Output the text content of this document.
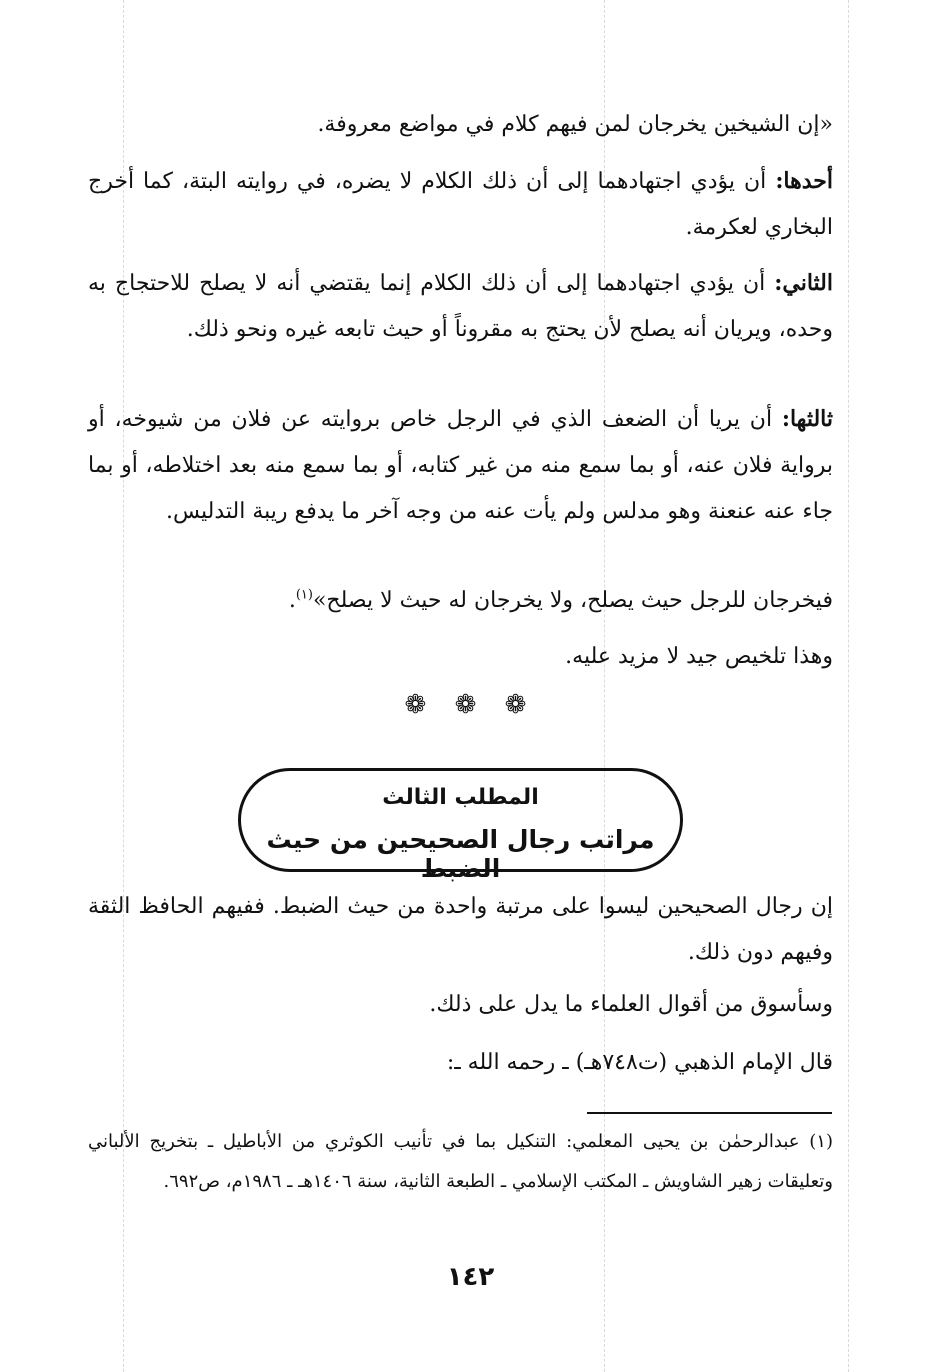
«إن الشيخين يخرجان لمن فيهم كلام في مواضع معروفة.

أحدها: أن يؤدي اجتهادهما إلى أن ذلك الكلام لا يضره، في روايته البتة، كما أخرج البخاري لعكرمة.

الثاني: أن يؤدي اجتهادهما إلى أن ذلك الكلام إنما يقتضي أنه لا يصلح للاحتجاج به وحده، ويريان أنه يصلح لأن يحتج به مقروناً أو حيث تابعه غيره ونحو ذلك.

ثالثها: أن يريا أن الضعف الذي في الرجل خاص بروايته عن فلان من شيوخه، أو برواية فلان عنه، أو بما سمع منه من غير كتابه، أو بما سمع منه بعد اختلاطه، أو بما جاء عنه عنعنة وهو مدلس ولم يأت عنه من وجه آخر ما يدفع ريبة التدليس.

فيخرجان للرجل حيث يصلح، ولا يخرجان له حيث لا يصلح»$^{(١)}$.

وهذا تلخيص جيد لا مزيد عليه.

❁ ❁ ❁
المطلب الثالث
مراتب رجال الصحيحين من حيث الضبط

إن رجال الصحيحين ليسوا على مرتبة واحدة من حيث الضبط. ففيهم الحافظ الثقة وفيهم دون ذلك.

وسأسوق من أقوال العلماء ما يدل على ذلك.

قال الإمام الذهبي (ت٧٤٨هـ) ـ رحمه الله ـ:

(١) عبدالرحمٰن بن يحيى المعلمي: التنكيل بما في تأنيب الكوثري من الأباطيل ـ بتخريج الألباني وتعليقات زهير الشاويش ـ المكتب الإسلامي ـ الطبعة الثانية، سنة ١٤٠٦هـ ـ ١٩٨٦م، ص٦٩٢.

١٤٢
